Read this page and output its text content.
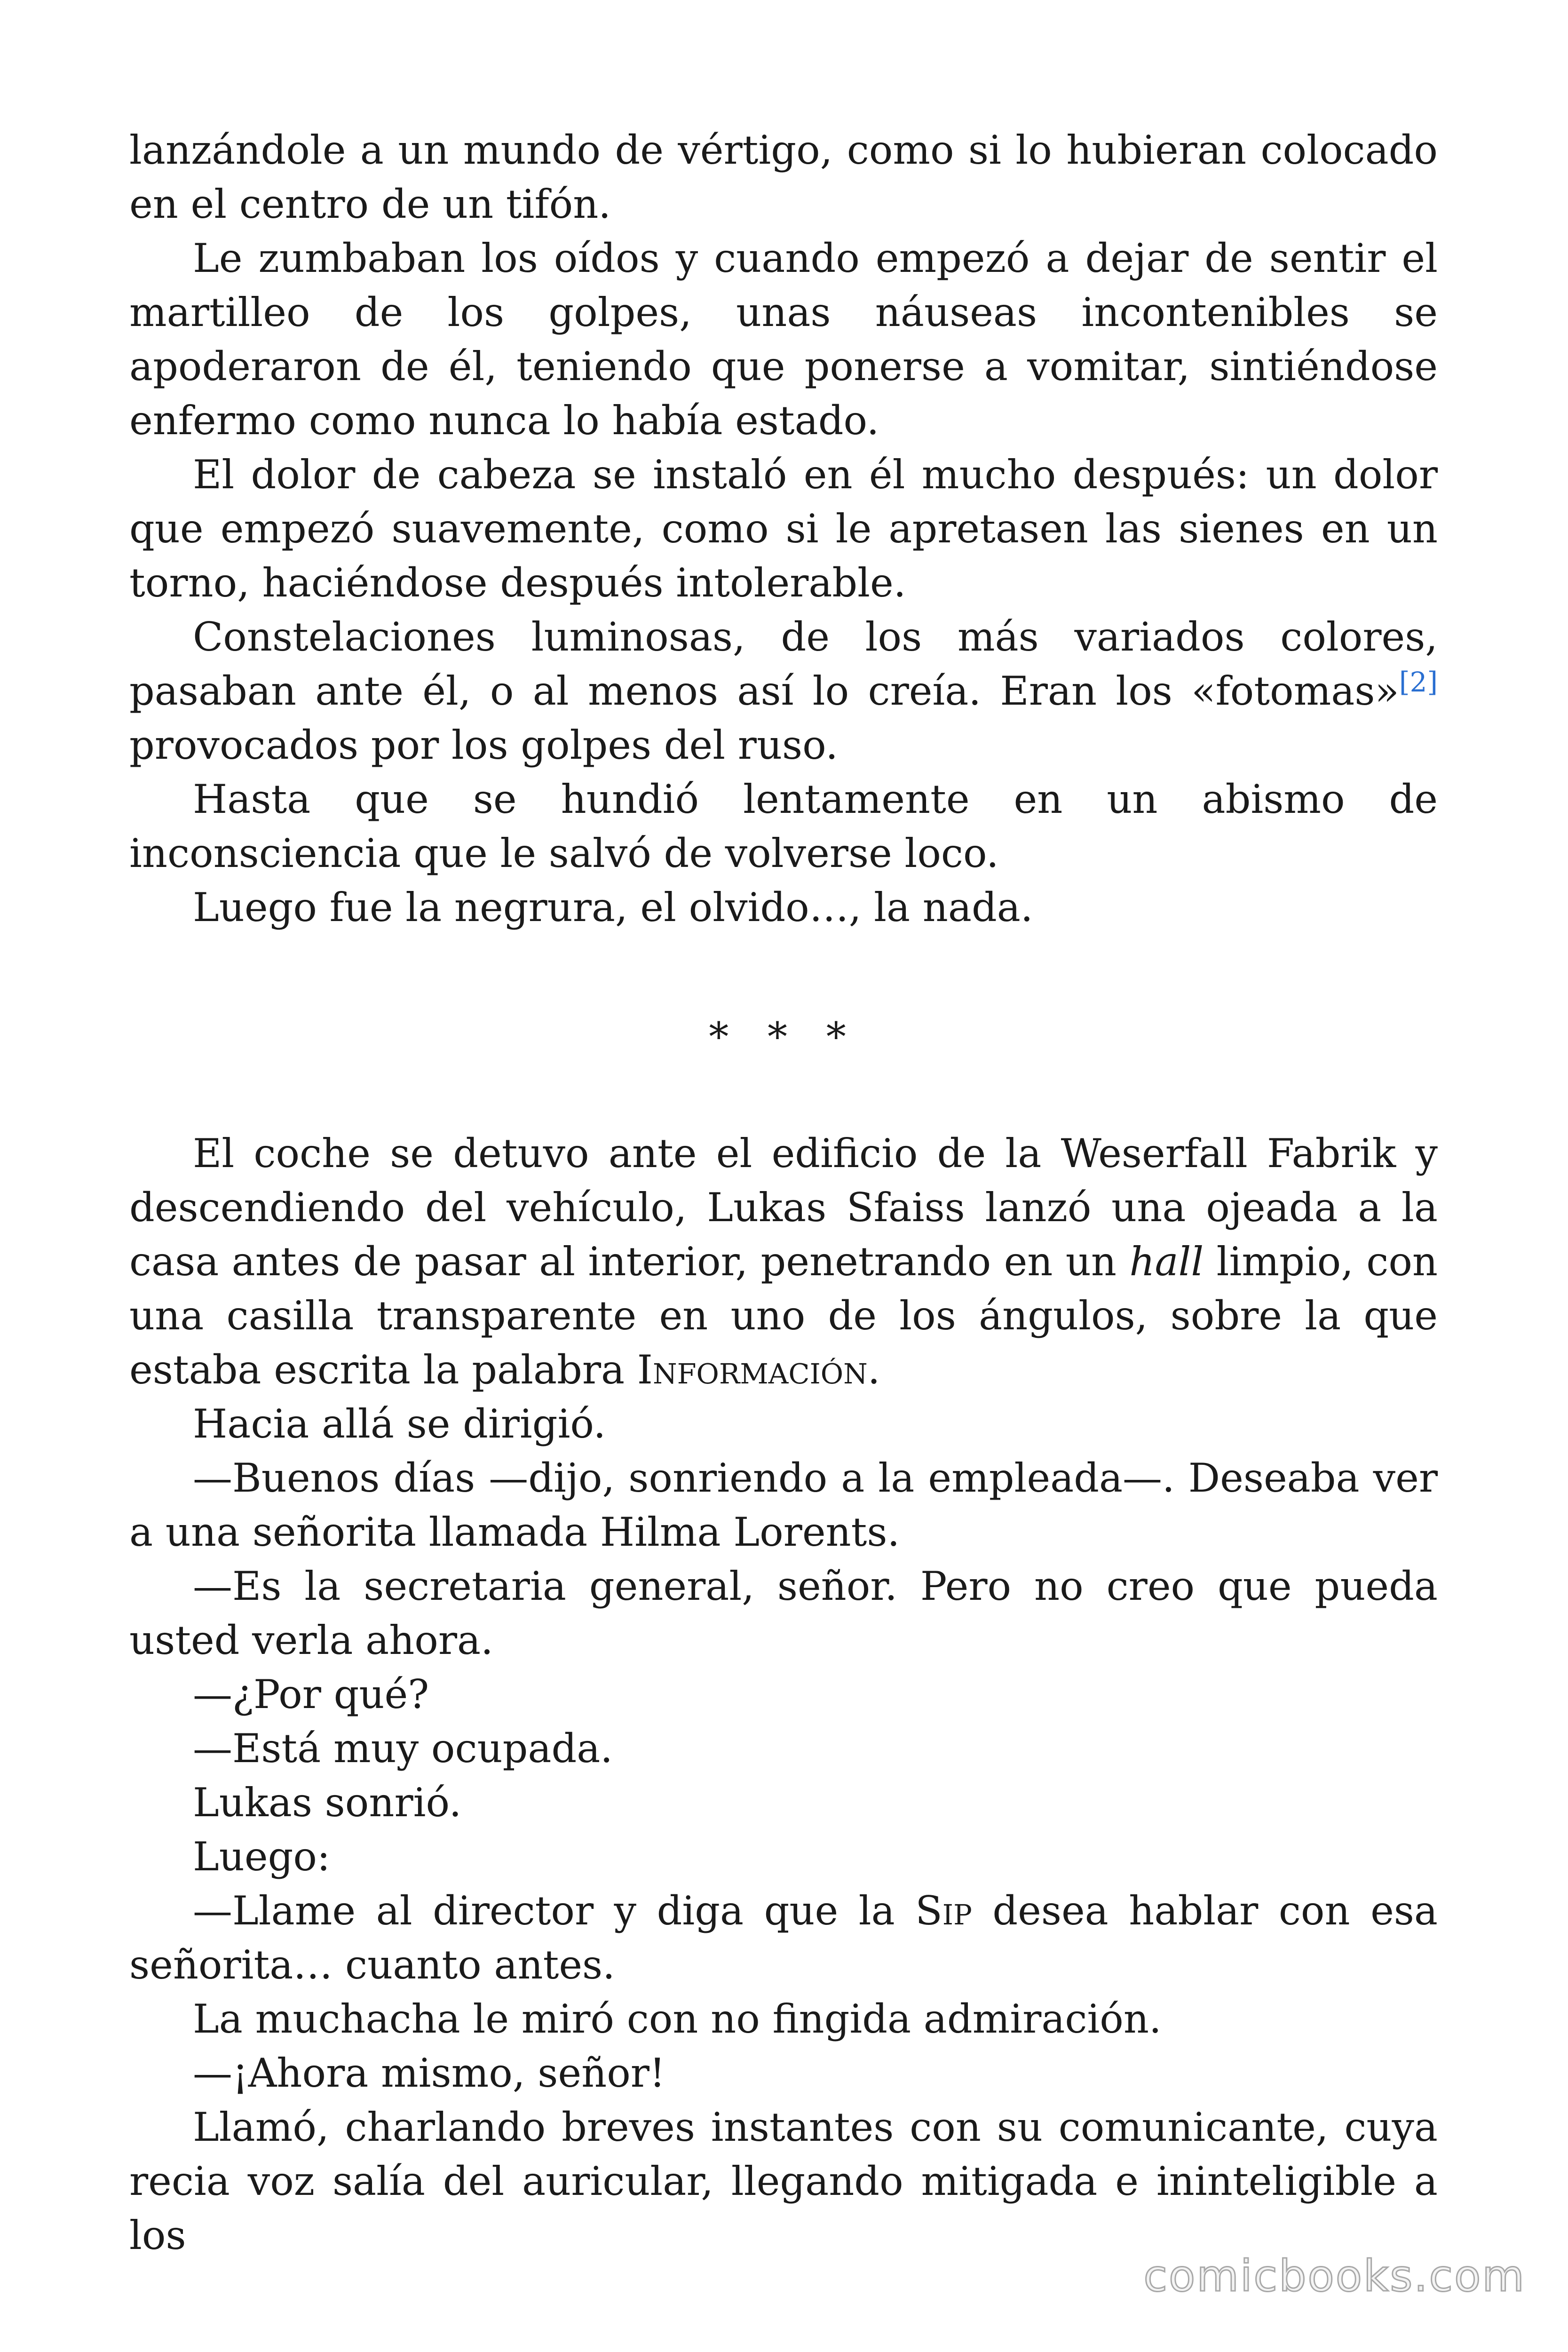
lanzándole a un mundo de vértigo, como si lo hubieran colocado en el centro de un tifón.

Le zumbaban los oídos y cuando empezó a dejar de sentir el martilleo de los golpes, unas náuseas incontenibles se apoderaron de él, teniendo que ponerse a vomitar, sintiéndose enfermo como nunca lo había estado.

El dolor de cabeza se instaló en él mucho después: un dolor que empezó suavemente, como si le apretasen las sienes en un torno, haciéndose después intolerable.

Constelaciones luminosas, de los más variados colores, pasaban ante él, o al menos así lo creía. Eran los «fotomas»[2] provocados por los golpes del ruso.

Hasta que se hundió lentamente en un abismo de inconsciencia que le salvó de volverse loco.

Luego fue la negrura, el olvido…, la nada.

* * *

El coche se detuvo ante el edificio de la Weserfall Fabrik y descendiendo del vehículo, Lukas Sfaiss lanzó una ojeada a la casa antes de pasar al interior, penetrando en un hall limpio, con una casilla transparente en uno de los ángulos, sobre la que estaba escrita la palabra Información.

Hacia allá se dirigió.

—Buenos días —dijo, sonriendo a la empleada—. Deseaba ver a una señorita llamada Hilma Lorents.

—Es la secretaria general, señor. Pero no creo que pueda usted verla ahora.

—¿Por qué?

—Está muy ocupada.

Lukas sonrió.

Luego:

—Llame al director y diga que la Sip desea hablar con esa señorita… cuanto antes.

La muchacha le miró con no fingida admiración.

—¡Ahora mismo, señor!

Llamó, charlando breves instantes con su comunicante, cuya recia voz salía del auricular, llegando mitigada e ininteligible a los

comicbooks.com
